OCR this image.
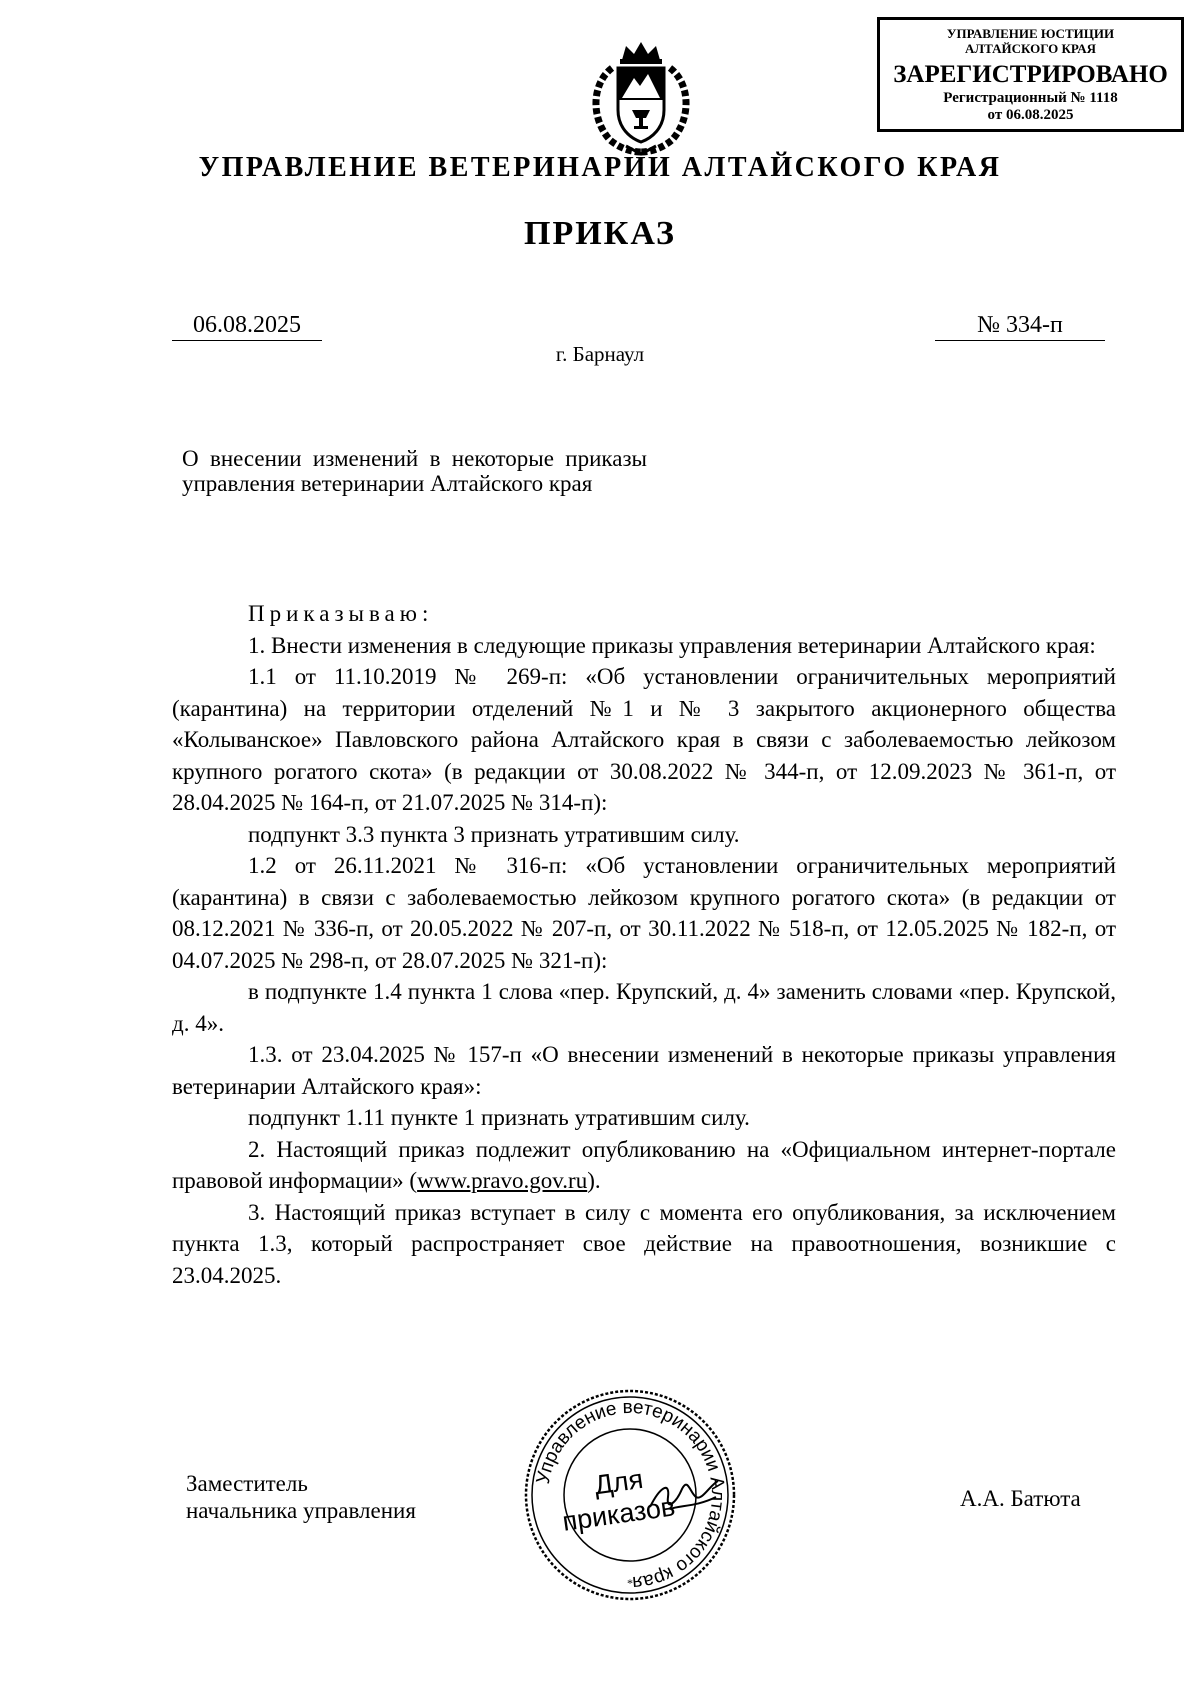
УПРАВЛЕНИЕ ЮСТИЦИИ АЛТАЙСКОГО КРАЯ
ЗАРЕГИСТРИРОВАНО
Регистрационный № 1118
от 06.08.2025
УПРАВЛЕНИЕ ВЕТЕРИНАРИИ АЛТАЙСКОГО КРАЯ
ПРИКАЗ
06.08.2025	№ 334-п
г. Барнаул
О внесении изменений в некоторые приказы управления ветеринарии Алтайского края

Приказываю:

1. Внести изменения в следующие приказы управления ветеринарии Алтайского края:

1.1 от 11.10.2019 № 269-п: «Об установлении ограничительных мероприятий (карантина) на территории отделений №1 и № 3 закрытого акционерного общества «Колыванское» Павловского района Алтайского края в связи с заболеваемостью лейкозом крупного рогатого скота» (в редакции от 30.08.2022 № 344-п, от 12.09.2023 № 361-п, от 28.04.2025 № 164-п, от 21.07.2025 № 314-п):

подпункт 3.3 пункта 3 признать утратившим силу.

1.2 от 26.11.2021 № 316-п: «Об установлении ограничительных мероприятий (карантина) в связи с заболеваемостью лейкозом крупного рогатого скота» (в редакции от 08.12.2021 № 336-п, от 20.05.2022 № 207-п, от 30.11.2022 № 518-п, от 12.05.2025 № 182-п, от 04.07.2025 № 298-п, от 28.07.2025 № 321-п):

в подпункте 1.4 пункта 1 слова «пер. Крупский, д. 4» заменить словами «пер. Крупской, д. 4».

1.3. от 23.04.2025 № 157-п «О внесении изменений в некоторые приказы управления ветеринарии Алтайского края»:

подпункт 1.11 пункте 1 признать утратившим силу.

2. Настоящий приказ подлежит опубликованию на «Официальном интернет-портале правовой информации» (www.pravo.gov.ru).

3. Настоящий приказ вступает в силу с момента его опубликования, за исключением пункта 1.3, который распространяет свое действие на правоотношения, возникшие с 23.04.2025.

Заместитель
начальника управления
Управление ветеринарии Алтайского края
Для
приказов
*
А.А. Батюта
